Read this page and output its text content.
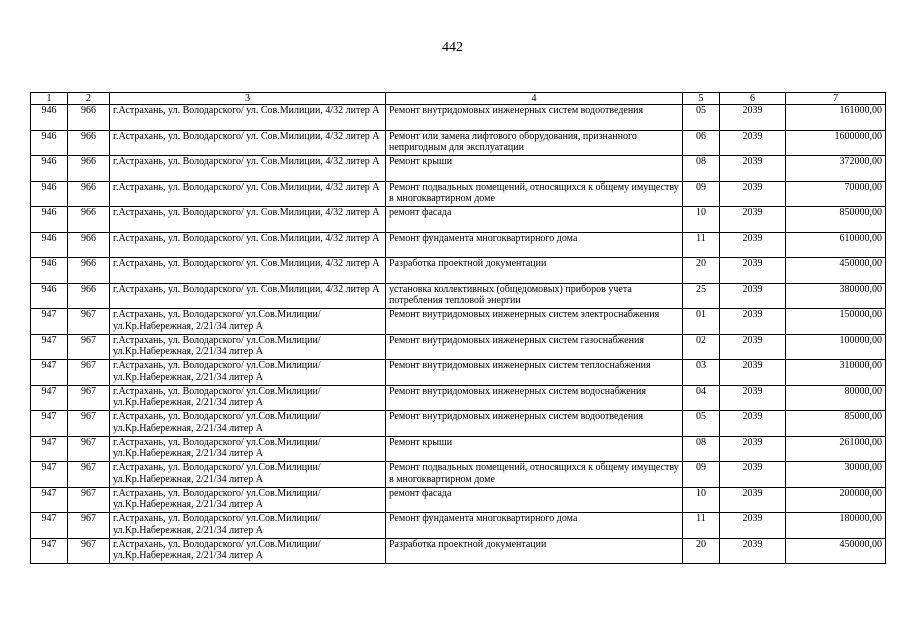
442
1	2	3	4	5	6	7
946	966	г.Астрахань, ул. Володарского/ ул. Сов.Милиции, 4/32 литер А	Ремонт внутридомовых инженерных систем водоотведения	05	2039	161000,00
946	966	г.Астрахань, ул. Володарского/ ул. Сов.Милиции, 4/32 литер А	Ремонт или замена лифтового оборудования, признанного непригодным для эксплуатации	06	2039	1600000,00
946	966	г.Астрахань, ул. Володарского/ ул. Сов.Милиции, 4/32 литер А	Ремонт крыши	08	2039	372000,00
946	966	г.Астрахань, ул. Володарского/ ул. Сов.Милиции, 4/32 литер А	Ремонт подвальных помещений, относящихся к общему имуществу в многоквартирном доме	09	2039	70000,00
946	966	г.Астрахань, ул. Володарского/ ул. Сов.Милиции, 4/32 литер А	ремонт фасада	10	2039	850000,00
946	966	г.Астрахань, ул. Володарского/ ул. Сов.Милиции, 4/32 литер А	Ремонт фундамента многоквартирного дома	11	2039	610000,00
946	966	г.Астрахань, ул. Володарского/ ул. Сов.Милиции, 4/32 литер А	Разработка проектной документации	20	2039	450000,00
946	966	г.Астрахань, ул. Володарского/ ул. Сов.Милиции, 4/32 литер А	установка коллективных (общедомовых) приборов учета потребления тепловой энергии	25	2039	380000,00
947	967	г.Астрахань, ул. Володарского/ ул.Сов.Милиции/ул.Кр.Набережная, 2/21/34 литер А	Ремонт внутридомовых инженерных систем электроснабжения	01	2039	150000,00
947	967	г.Астрахань, ул. Володарского/ ул.Сов.Милиции/ул.Кр.Набережная, 2/21/34 литер А	Ремонт внутридомовых инженерных систем газоснабжения	02	2039	100000,00
947	967	г.Астрахань, ул. Володарского/ ул.Сов.Милиции/ул.Кр.Набережная, 2/21/34 литер А	Ремонт внутридомовых инженерных систем теплоснабжения	03	2039	310000,00
947	967	г.Астрахань, ул. Володарского/ ул.Сов.Милиции/ул.Кр.Набережная, 2/21/34 литер А	Ремонт внутридомовых инженерных систем водоснабжения	04	2039	80000,00
947	967	г.Астрахань, ул. Володарского/ ул.Сов.Милиции/ул.Кр.Набережная, 2/21/34 литер А	Ремонт внутридомовых инженерных систем водоотведения	05	2039	85000,00
947	967	г.Астрахань, ул. Володарского/ ул.Сов.Милиции/ул.Кр.Набережная, 2/21/34 литер А	Ремонт крыши	08	2039	261000,00
947	967	г.Астрахань, ул. Володарского/ ул.Сов.Милиции/ул.Кр.Набережная, 2/21/34 литер А	Ремонт подвальных помещений, относящихся к общему имуществу в многоквартирном доме	09	2039	30000,00
947	967	г.Астрахань, ул. Володарского/ ул.Сов.Милиции/ул.Кр.Набережная, 2/21/34 литер А	ремонт фасада	10	2039	200000,00
947	967	г.Астрахань, ул. Володарского/ ул.Сов.Милиции/ул.Кр.Набережная, 2/21/34 литер А	Ремонт фундамента многоквартирного дома	11	2039	180000,00
947	967	г.Астрахань, ул. Володарского/ ул.Сов.Милиции/ул.Кр.Набережная, 2/21/34 литер А	Разработка проектной документации	20	2039	450000,00
